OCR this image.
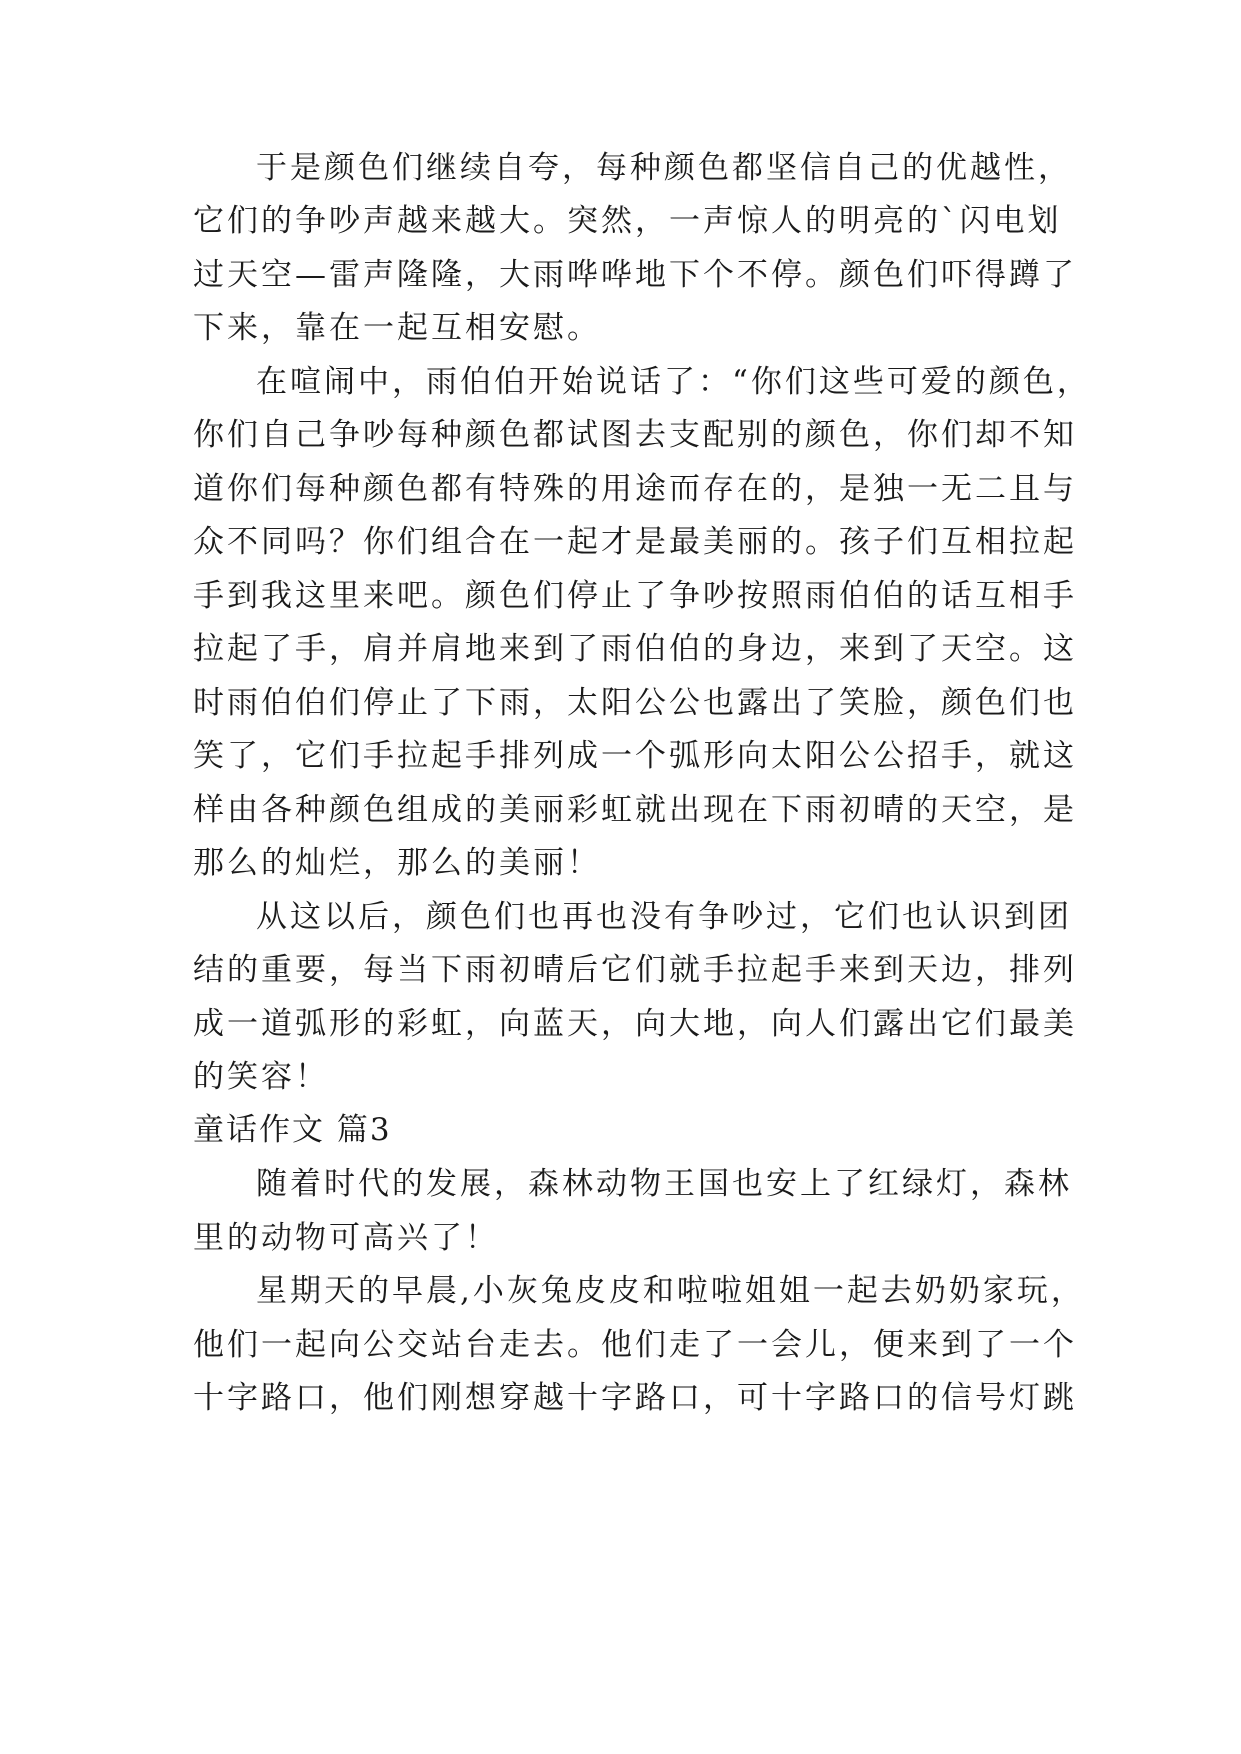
于是颜色们继续自夸，每种颜色都坚信自己的优越性，
它们的争吵声越来越大。突然，一声惊人的明亮的`闪电划
过天空—雷声隆隆，大雨哗哗地下个不停。颜色们吓得蹲了
下来，靠在一起互相安慰。
在喧闹中，雨伯伯开始说话了：“你们这些可爱的颜色，
你们自己争吵每种颜色都试图去支配别的颜色，你们却不知
道你们每种颜色都有特殊的用途而存在的，是独一无二且与
众不同吗？你们组合在一起才是最美丽的。孩子们互相拉起
手到我这里来吧。颜色们停止了争吵按照雨伯伯的话互相手
拉起了手，肩并肩地来到了雨伯伯的身边，来到了天空。这
时雨伯伯们停止了下雨，太阳公公也露出了笑脸，颜色们也
笑了，它们手拉起手排列成一个弧形向太阳公公招手，就这
样由各种颜色组成的美丽彩虹就出现在下雨初晴的天空，是
那么的灿烂，那么的美丽！
从这以后，颜色们也再也没有争吵过，它们也认识到团
结的重要，每当下雨初晴后它们就手拉起手来到天边，排列
成一道弧形的彩虹，向蓝天，向大地，向人们露出它们最美
的笑容！
童话作文 篇3
随着时代的发展，森林动物王国也安上了红绿灯，森林
里的动物可高兴了！
星期天的早晨,小灰兔皮皮和啦啦姐姐一起去奶奶家玩，
他们一起向公交站台走去。他们走了一会儿，便来到了一个
十字路口，他们刚想穿越十字路口，可十字路口的信号灯跳
